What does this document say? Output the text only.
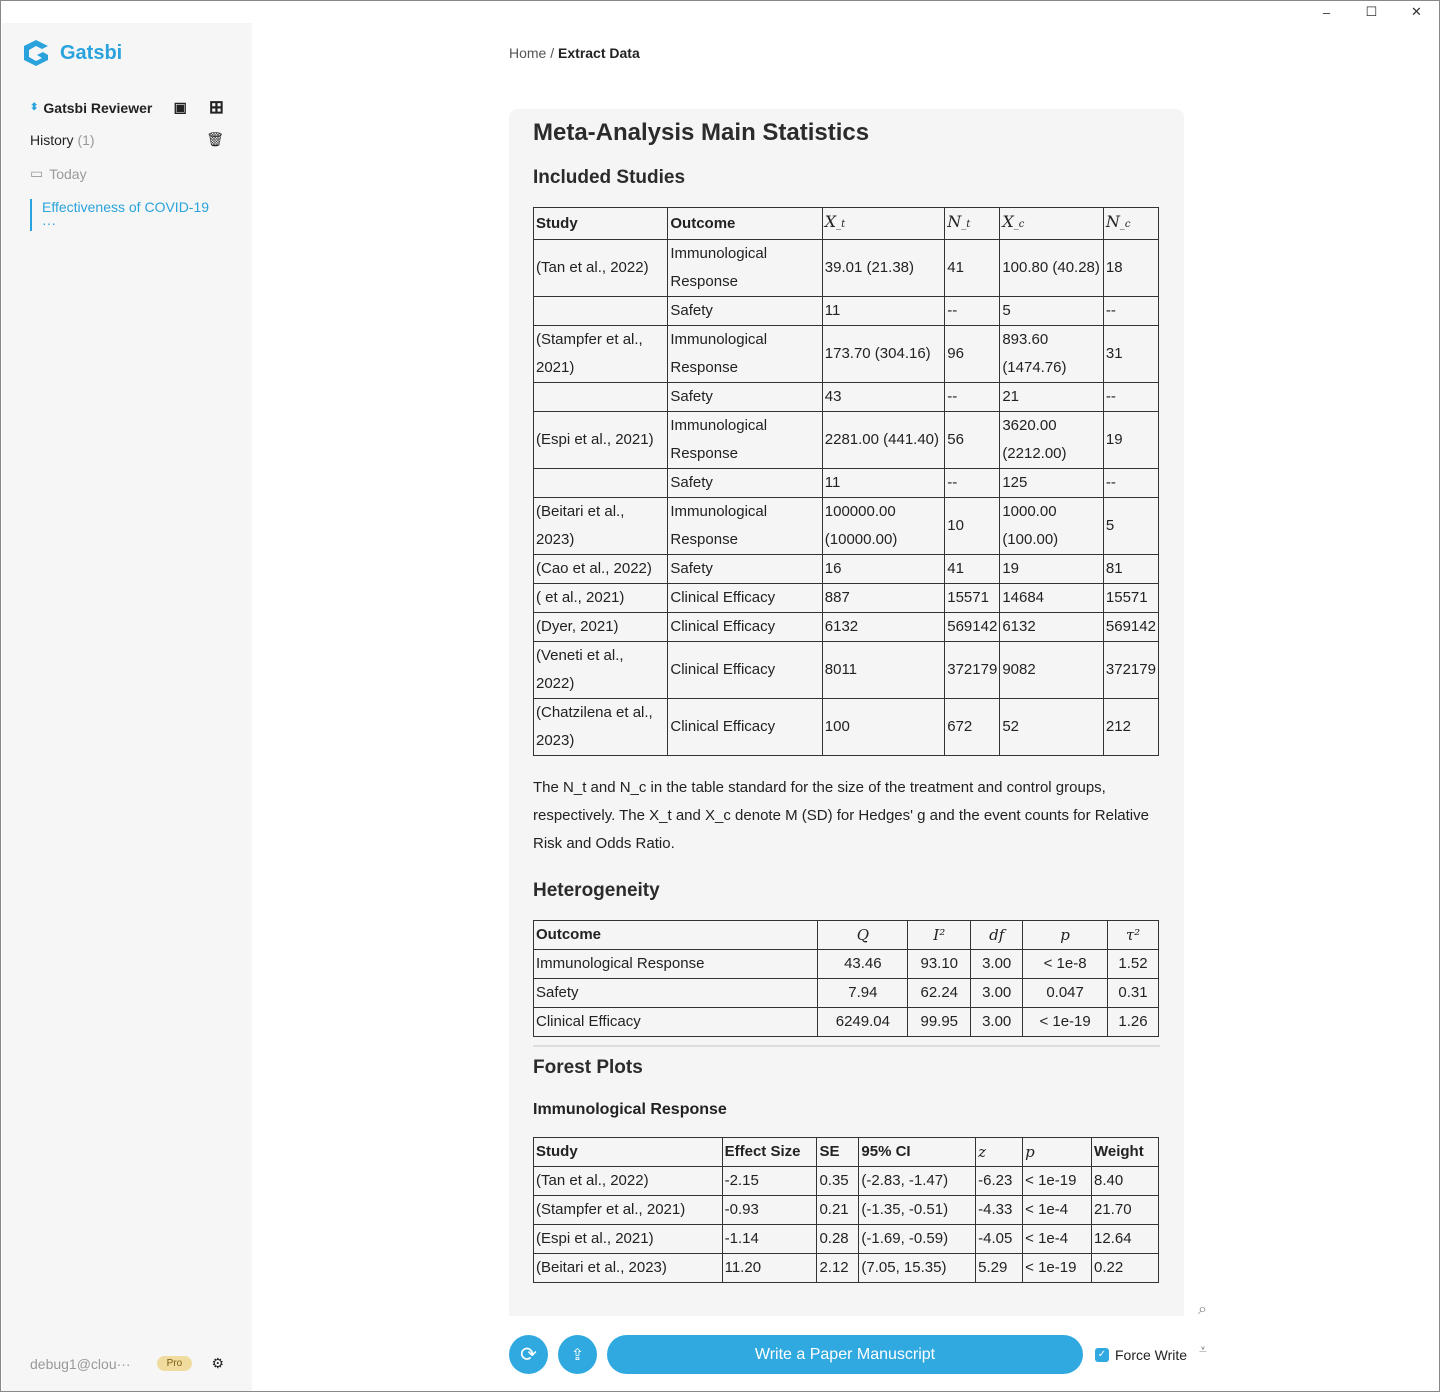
–	☐	✕
Gatsbi
⬍ Gatsbi Reviewer ▣ ⊞
History
(1)	🗑
▭ Today
Effectiveness of COVID-19 ···
debug1@clou···	Pro	⚙
Home / Extract Data
Meta-Analysis Main Statistics
Included Studies
Study	Outcome	X_t	N_t	X_c	N_c
(Tan et al., 2022)	Immunological Response	39.01 (21.38)	41	100.80 (40.28)	18
	Safety	11	--	5	--
(Stampfer et al., 2021)	Immunological Response	173.70 (304.16)	96	893.60 (1474.76)	31
	Safety	43	--	21	--
(Espi et al., 2021)	Immunological Response	2281.00 (441.40)	56	3620.00 (2212.00)	19
	Safety	11	--	125	--
(Beitari et al., 2023)	Immunological Response	100000.00 (10000.00)	10	1000.00 (100.00)	5
(Cao et al., 2022)	Safety	16	41	19	81
( et al., 2021)	Clinical Efficacy	887	15571	14684	15571
(Dyer, 2021)	Clinical Efficacy	6132	569142	6132	569142
(Veneti et al., 2022)	Clinical Efficacy	8011	372179	9082	372179
(Chatzilena et al., 2023)	Clinical Efficacy	100	672	52	212

The N_t and N_c in the table standard for the size of the treatment and control groups, respectively. The X_t and X_c denote M (SD) for Hedges' g and the event counts for Relative Risk and Odds Ratio.

Heterogeneity
Outcome	Q	I²	df	p	τ²
Immunological Response	43.46	93.10	3.00	< 1e-8	1.52
Safety	7.94	62.24	3.00	0.047	0.31
Clinical Efficacy	6249.04	99.95	3.00	< 1e-19	1.26
Forest Plots
Immunological Response
Study	Effect Size	SE	95% CI	z	p	Weight
(Tan et al., 2022)	-2.15	0.35	(-2.83, -1.47)	-6.23	< 1e-19	8.40
(Stampfer et al., 2021)	-0.93	0.21	(-1.35, -0.51)	-4.33	< 1e-4	21.70
(Espi et al., 2021)	-1.14	0.28	(-1.69, -0.59)	-4.05	< 1e-4	12.64
(Beitari et al., 2023)	11.20	2.12	(7.05, 15.35)	5.29	< 1e-19	0.22
⟳ ⇪	Write a Paper Manuscript	✓ Force Write
⌕
⩡
